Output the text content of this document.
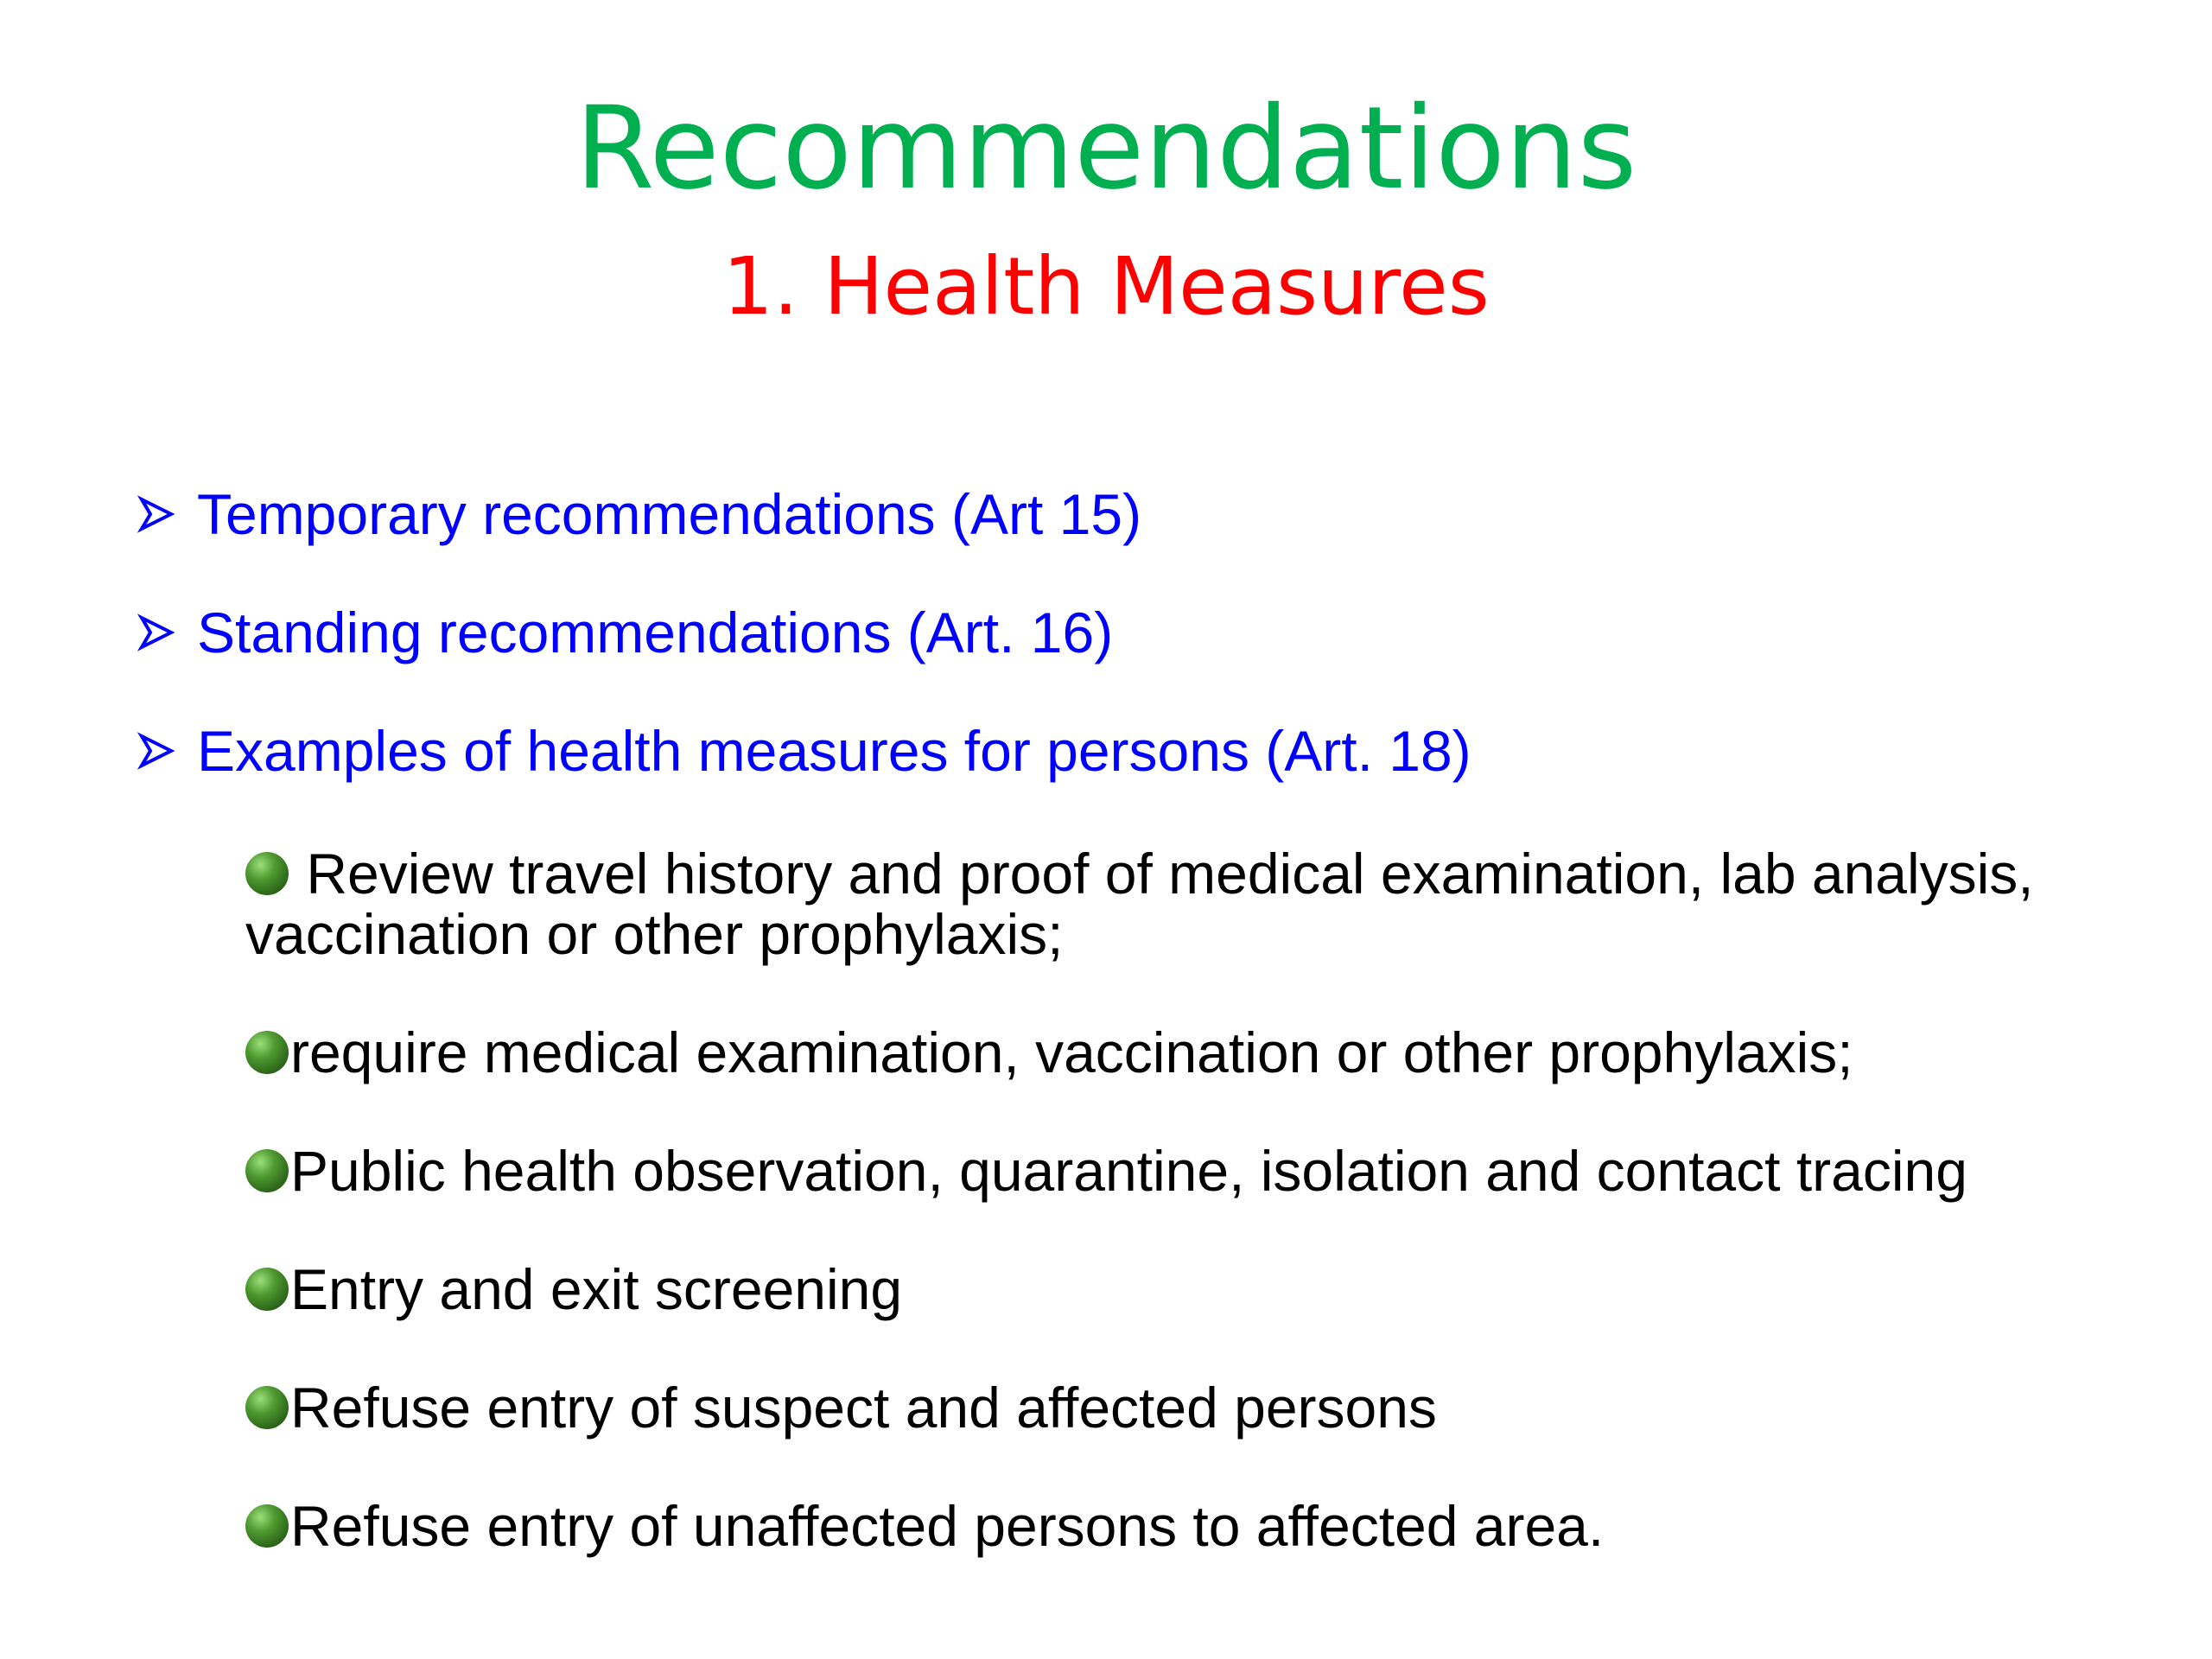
Recommendations
1. Health Measures
Temporary recommendations (Art 15)
Standing recommendations (Art. 16)
Examples of health measures for persons (Art. 18)
Review travel history and proof of medical examination, lab analysis, vaccination or other prophylaxis;
require medical examination, vaccination or other prophylaxis;
Public health observation, quarantine, isolation and contact tracing
Entry and exit screening
Refuse entry of suspect and affected persons
Refuse entry of unaffected persons to affected area.
